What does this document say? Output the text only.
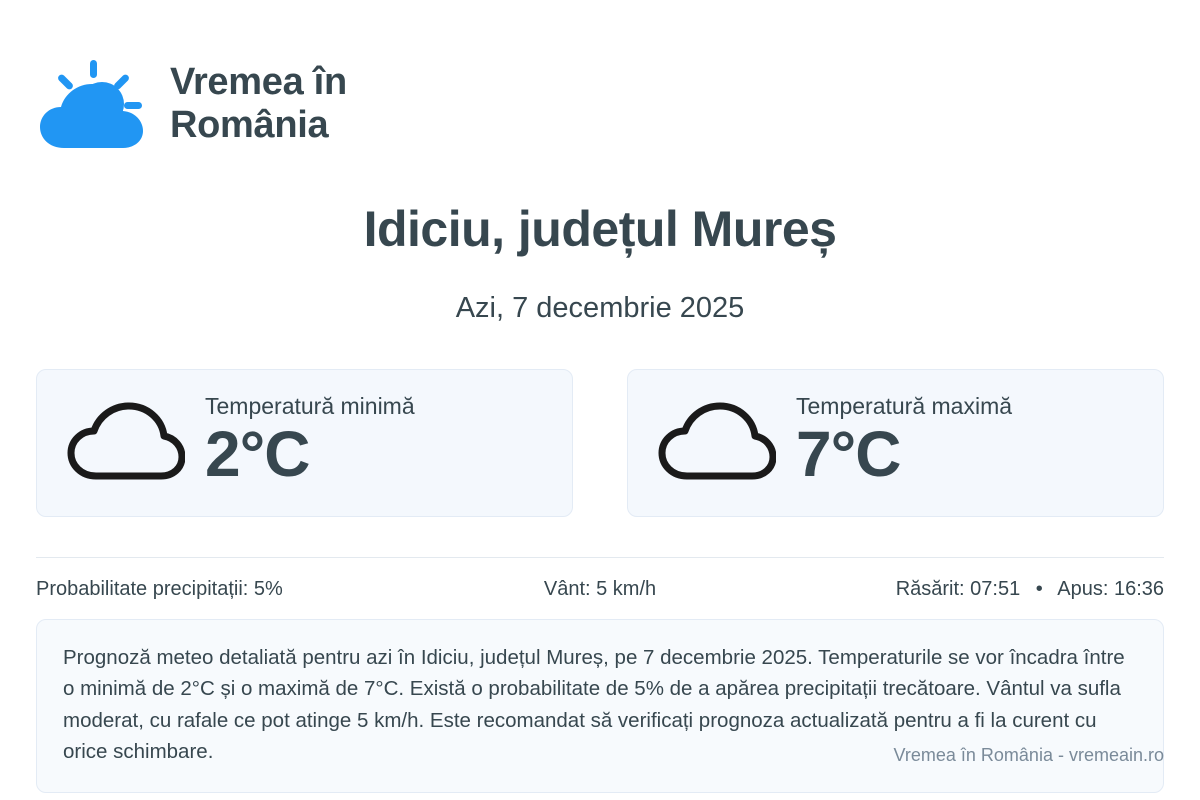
Vremea în
România
Idiciu, județul Mureș
Azi, 7 decembrie 2025
Temperatură minimă
2°C
Temperatură maximă
7°C
Probabilitate precipitații: 5%	Vânt: 5 km/h	Răsărit: 07:51 • Apus: 16:36

Prognoză meteo detaliată pentru azi în Idiciu, județul Mureș, pe 7 decembrie 2025. Temperaturile se vor încadra între o minimă de 2°C și o maximă de 7°C. Există o probabilitate de 5% de a apărea precipitații trecătoare. Vântul va sufla moderat, cu rafale ce pot atinge 5 km/h. Este recomandat să verificați prognoza actualizată pentru a fi la curent cu orice schimbare.	Vremea în România - vremeain.ro
